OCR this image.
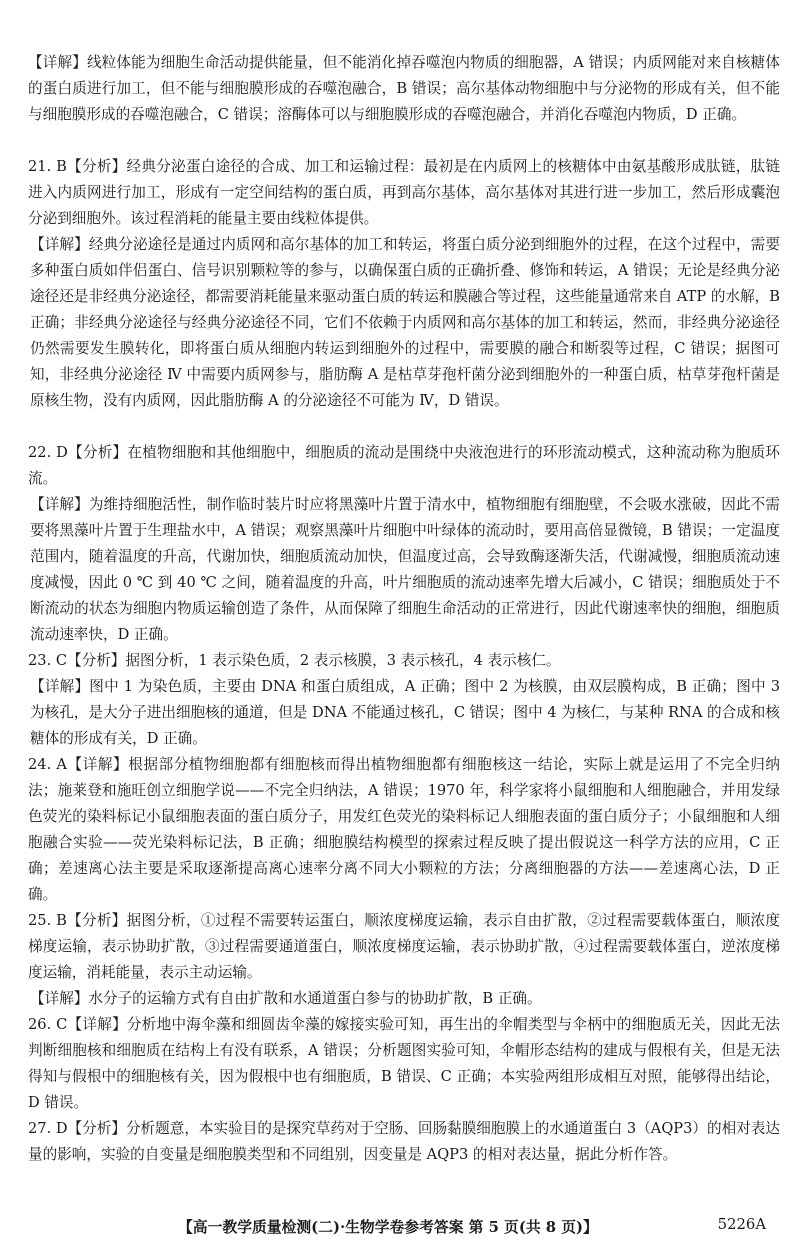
【详解】线粒体能为细胞生命活动提供能量，但不能消化掉吞噬泡内物质的细胞器，A 错误；内质网能对来自核糖体的蛋白质进行加工，但不能与细胞膜形成的吞噬泡融合，B 错误；高尔基体动物细胞中与分泌物的形成有关，但不能与细胞膜形成的吞噬泡融合，C 错误；溶酶体可以与细胞膜形成的吞噬泡融合，并消化吞噬泡内物质，D 正确。

21. B【分析】经典分泌蛋白途径的合成、加工和运输过程：最初是在内质网上的核糖体中由氨基酸形成肽链，肽链进入内质网进行加工，形成有一定空间结构的蛋白质，再到高尔基体，高尔基体对其进行进一步加工，然后形成囊泡分泌到细胞外。该过程消耗的能量主要由线粒体提供。

【详解】经典分泌途径是通过内质网和高尔基体的加工和转运，将蛋白质分泌到细胞外的过程，在这个过程中，需要多种蛋白质如伴侣蛋白、信号识别颗粒等的参与，以确保蛋白质的正确折叠、修饰和转运，A 错误；无论是经典分泌途径还是非经典分泌途径，都需要消耗能量来驱动蛋白质的转运和膜融合等过程，这些能量通常来自 ATP 的水解，B 正确；非经典分泌途径与经典分泌途径不同，它们不依赖于内质网和高尔基体的加工和转运，然而，非经典分泌途径仍然需要发生膜转化，即将蛋白质从细胞内转运到细胞外的过程中，需要膜的融合和断裂等过程，C 错误；据图可知，非经典分泌途径 Ⅳ 中需要内质网参与，脂肪酶 A 是枯草芽孢杆菌分泌到细胞外的一种蛋白质，枯草芽孢杆菌是原核生物，没有内质网，因此脂肪酶 A 的分泌途径不可能为 Ⅳ，D 错误。

22. D【分析】在植物细胞和其他细胞中，细胞质的流动是围绕中央液泡进行的环形流动模式，这种流动称为胞质环流。

【详解】为维持细胞活性，制作临时装片时应将黑藻叶片置于清水中，植物细胞有细胞壁，不会吸水涨破，因此不需要将黑藻叶片置于生理盐水中，A 错误；观察黑藻叶片细胞中叶绿体的流动时，要用高倍显微镜，B 错误；一定温度范围内，随着温度的升高，代谢加快，细胞质流动加快，但温度过高，会导致酶逐渐失活，代谢减慢，细胞质流动速度减慢，因此 0 ℃ 到 40 ℃ 之间，随着温度的升高，叶片细胞质的流动速率先增大后减小，C 错误；细胞质处于不断流动的状态为细胞内物质运输创造了条件，从而保障了细胞生命活动的正常进行，因此代谢速率快的细胞，细胞质流动速率快，D 正确。

23. C【分析】据图分析，1 表示染色质，2 表示核膜，3 表示核孔，4 表示核仁。

【详解】图中 1 为染色质，主要由 DNA 和蛋白质组成，A 正确；图中 2 为核膜，由双层膜构成，B 正确；图中 3 为核孔，是大分子进出细胞核的通道，但是 DNA 不能通过核孔，C 错误；图中 4 为核仁，与某种 RNA 的合成和核糖体的形成有关，D 正确。

24. A【详解】根据部分植物细胞都有细胞核而得出植物细胞都有细胞核这一结论，实际上就是运用了不完全归纳法；施莱登和施旺创立细胞学说——不完全归纳法，A 错误；1970 年，科学家将小鼠细胞和人细胞融合，并用发绿色荧光的染料标记小鼠细胞表面的蛋白质分子，用发红色荧光的染料标记人细胞表面的蛋白质分子；小鼠细胞和人细胞融合实验——荧光染料标记法，B 正确；细胞膜结构模型的探索过程反映了提出假说这一科学方法的应用，C 正确；差速离心法主要是采取逐渐提高离心速率分离不同大小颗粒的方法；分离细胞器的方法——差速离心法，D 正确。

25. B【分析】据图分析，①过程不需要转运蛋白，顺浓度梯度运输，表示自由扩散，②过程需要载体蛋白，顺浓度梯度运输，表示协助扩散，③过程需要通道蛋白，顺浓度梯度运输，表示协助扩散，④过程需要载体蛋白，逆浓度梯度运输，消耗能量，表示主动运输。

【详解】水分子的运输方式有自由扩散和水通道蛋白参与的协助扩散，B 正确。

26. C【详解】分析地中海伞藻和细圆齿伞藻的嫁接实验可知，再生出的伞帽类型与伞柄中的细胞质无关，因此无法判断细胞核和细胞质在结构上有没有联系，A 错误；分析题图实验可知，伞帽形态结构的建成与假根有关，但是无法得知与假根中的细胞核有关，因为假根中也有细胞质，B 错误、C 正确；本实验两组形成相互对照，能够得出结论，D 错误。

27. D【分析】分析题意，本实验目的是探究草药对于空肠、回肠黏膜细胞膜上的水通道蛋白 3（AQP3）的相对表达量的影响，实验的自变量是细胞膜类型和不同组别，因变量是 AQP3 的相对表达量，据此分析作答。

【高一教学质量检测(二)·生物学卷参考答案 第 5 页(共 8 页)】	5226A
